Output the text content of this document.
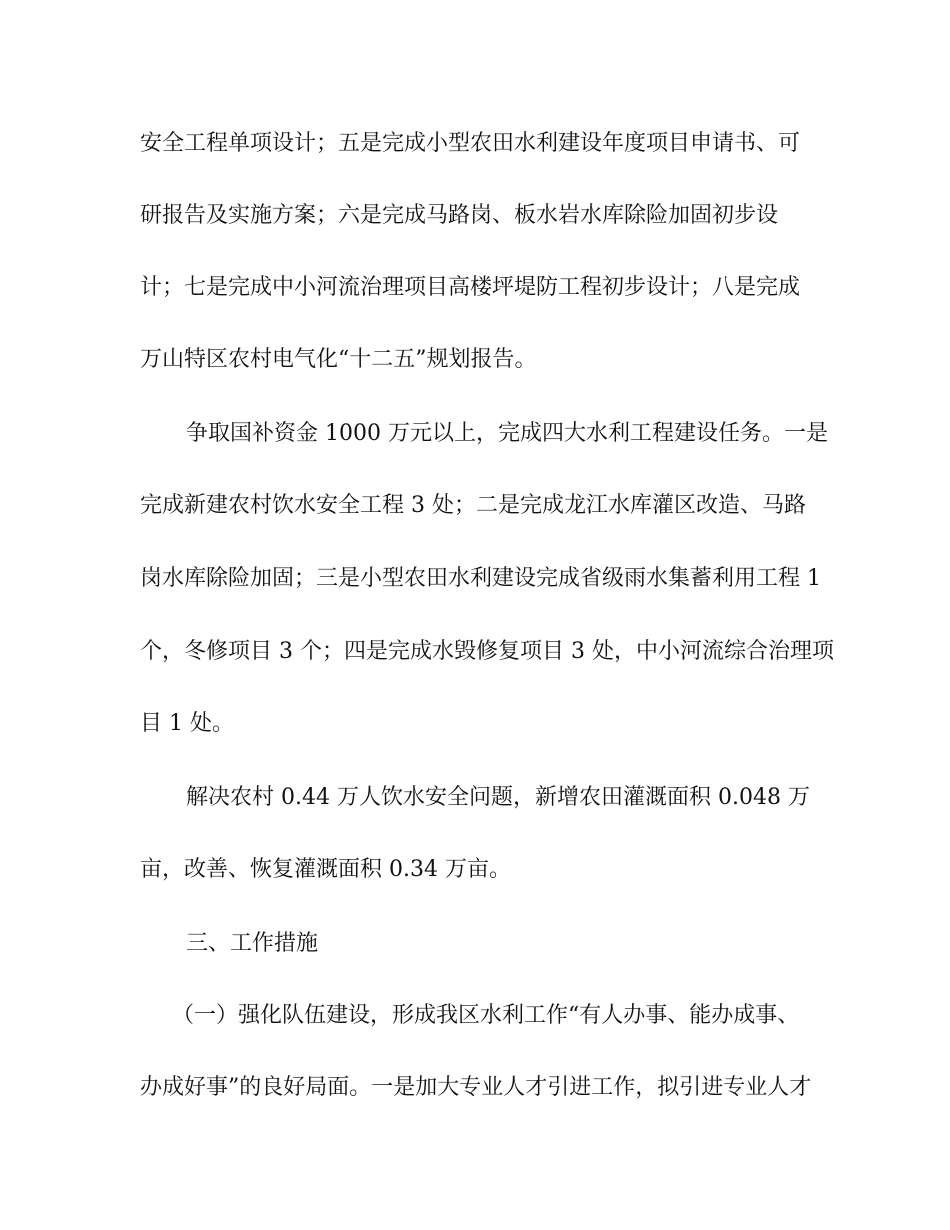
安全工程单项设计；五是完成小型农田水利建设年度项目申请书、可
研报告及实施方案；六是完成马路岗、板水岩水库除险加固初步设
计；七是完成中小河流治理项目高楼坪堤防工程初步设计；八是完成
万山特区农村电气化“十二五”规划报告。
争取国补资金 1000 万元以上，完成四大水利工程建设任务。一是
完成新建农村饮水安全工程 3 处；二是完成龙江水库灌区改造、马路
岗水库除险加固；三是小型农田水利建设完成省级雨水集蓄利用工程 1
个，冬修项目 3 个；四是完成水毁修复项目 3 处，中小河流综合治理项
目 1 处。
解决农村 0.44 万人饮水安全问题，新增农田灌溉面积 0.048 万
亩，改善、恢复灌溉面积 0.34 万亩。
三、工作措施
（一）强化队伍建设，形成我区水利工作“有人办事、能办成事、
办成好事”的良好局面。一是加大专业人才引进工作，拟引进专业人才
